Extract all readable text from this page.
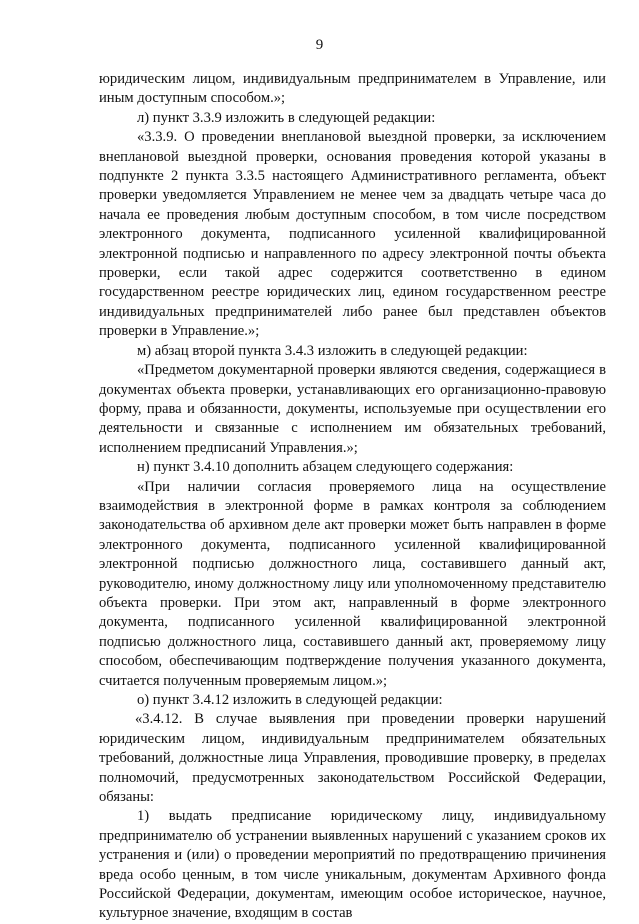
9

юридическим лицом, индивидуальным предпринимателем в Управление, или иным доступным способом.»;

л) пункт 3.3.9 изложить в следующей редакции:

«3.3.9. О проведении внеплановой выездной проверки, за исключением внеплановой выездной проверки, основания проведения которой указаны в подпункте 2 пункта 3.3.5 настоящего Административного регламента, объект проверки уведомляется Управлением не менее чем за двадцать четыре часа до начала ее проведения любым доступным способом, в том числе посредством электронного документа, подписанного усиленной квалифицированной электронной подписью и направленного по адресу электронной почты объекта проверки, если такой адрес содержится соответственно в едином государственном реестре юридических лиц, едином государственном реестре индивидуальных предпринимателей либо ранее был представлен объектов проверки в Управление.»;

м) абзац второй пункта 3.4.3 изложить в следующей редакции:

«Предметом документарной проверки являются сведения, содержащиеся в документах объекта проверки, устанавливающих его организационно-правовую форму, права и обязанности, документы, используемые при осуществлении его деятельности и связанные с исполнением им обязательных требований, исполнением предписаний Управления.»;

н) пункт 3.4.10 дополнить абзацем следующего содержания:

«При наличии согласия проверяемого лица на осуществление взаимодействия в электронной форме в рамках контроля за соблюдением законодательства об архивном деле акт проверки может быть направлен в форме электронного документа, подписанного усиленной квалифицированной электронной подписью должностного лица, составившего данный акт, руководителю, иному должностному лицу или уполномоченному представителю объекта проверки. При этом акт, направленный в форме электронного документа, подписанного усиленной квалифицированной электронной подписью должностного лица, составившего данный акт, проверяемому лицу способом, обеспечивающим подтверждение получения указанного документа, считается полученным проверяемым лицом.»;

о) пункт 3.4.12 изложить в следующей редакции:

«3.4.12. В случае выявления при проведении проверки нарушений юридическим лицом, индивидуальным предпринимателем обязательных требований, должностные лица Управления, проводившие проверку, в пределах полномочий, предусмотренных законодательством Российской Федерации, обязаны:

1) выдать предписание юридическому лицу, индивидуальному предпринимателю об устранении выявленных нарушений с указанием сроков их устранения и (или) о проведении мероприятий по предотвращению причинения вреда особо ценным, в том числе уникальным, документам Архивного фонда Российской Федерации, документам, имеющим особое историческое, научное, культурное значение, входящим в состав
